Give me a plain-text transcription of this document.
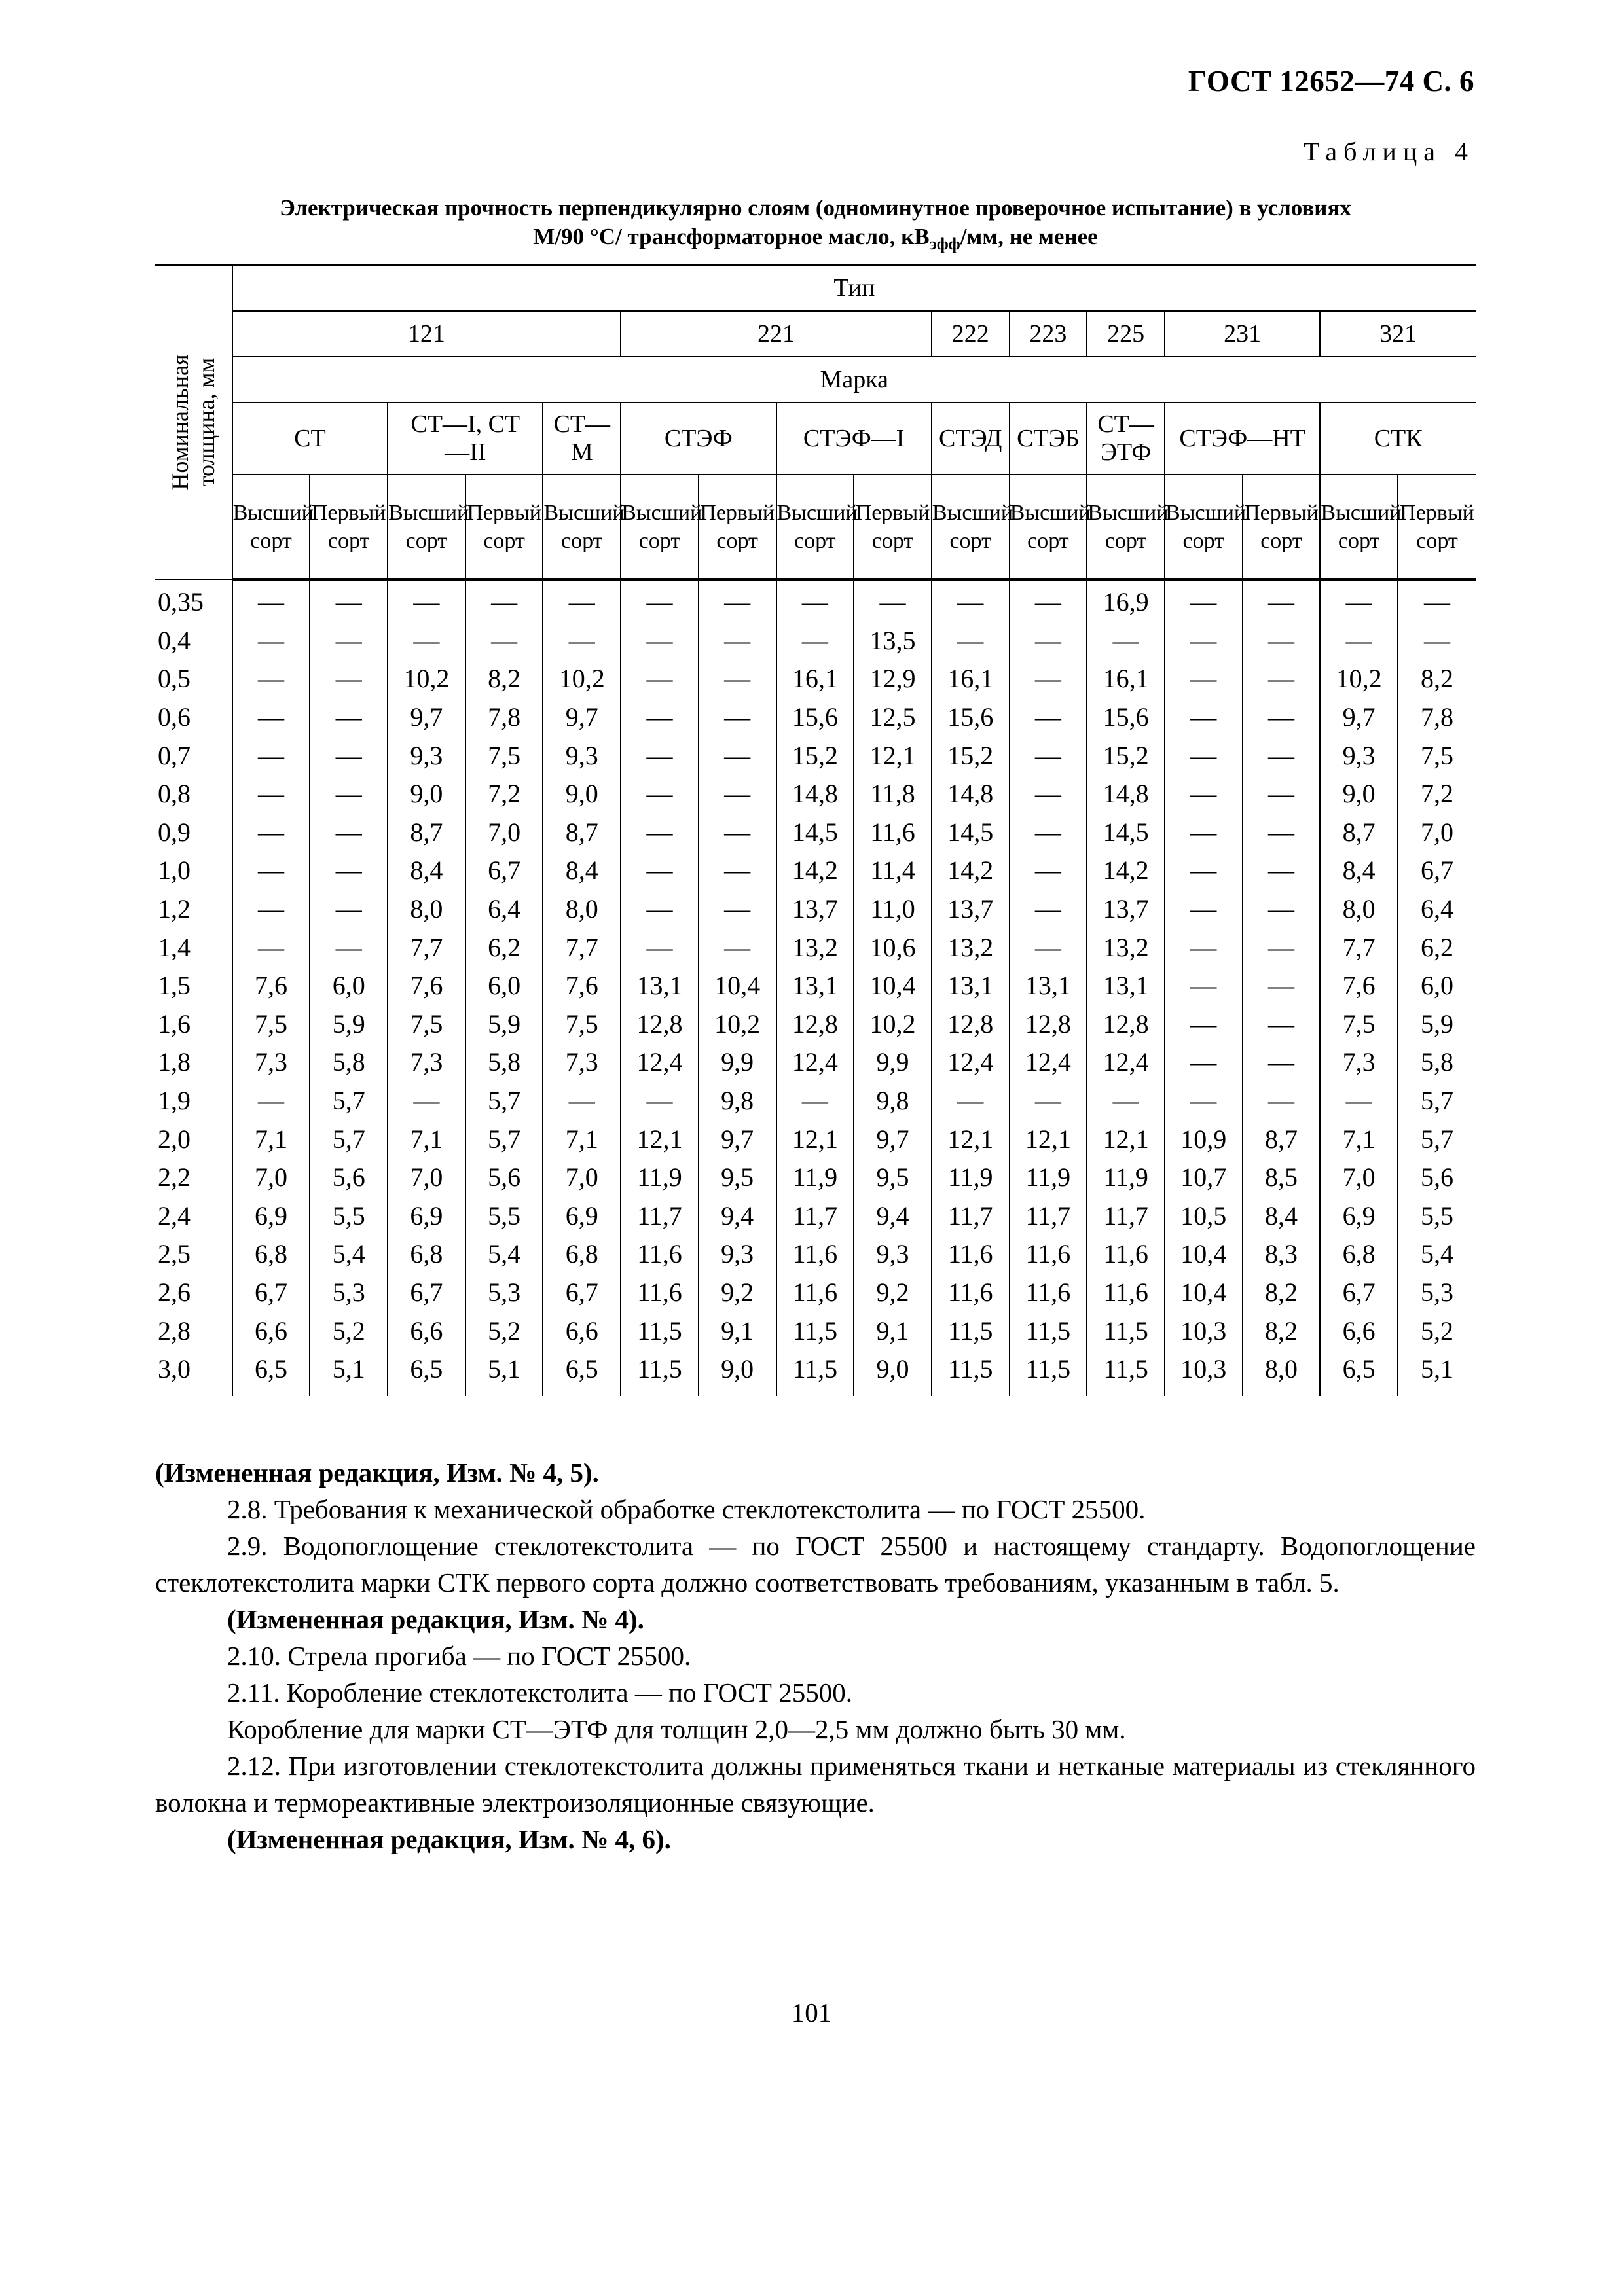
ГОСТ 12652—74 С. 6
Таблица 4
Электрическая прочность перпендикулярно слоям (одноминутное проверочное испытание) в условиях
М/90 °С/ трансформаторное масло, $кВ_{эфф}/мм$, не менее
Номинальная толщина, мм	Тип															
	121					221				222	223	225	231		321	
	Марка															
	СТ		СТ—I, СТ—II		СТ—М	СТЭФ		СТЭФ—I		СТЭД	СТЭБ	СТ—ЭТФ	СТЭФ—НТ		СТК	
	Высший сорт	Первый сорт	Высший сорт	Первый сорт	Высший сорт	Высший сорт	Первый сорт	Высший сорт	Первый сорт	Высший сорт	Высший сорт	Высший сорт	Высший сорт	Первый сорт	Высший сорт	Первый сорт
0,35	—	—	—	—	—	—	—	—	—	—	—	16,9	—	—	—	—
0,4	—	—	—	—	—	—	—	—	13,5	—	—	—	—	—	—	—
0,5	—	—	10,2	8,2	10,2	—	—	16,1	12,9	16,1	—	16,1	—	—	10,2	8,2
0,6	—	—	9,7	7,8	9,7	—	—	15,6	12,5	15,6	—	15,6	—	—	9,7	7,8
0,7	—	—	9,3	7,5	9,3	—	—	15,2	12,1	15,2	—	15,2	—	—	9,3	7,5
0,8	—	—	9,0	7,2	9,0	—	—	14,8	11,8	14,8	—	14,8	—	—	9,0	7,2
0,9	—	—	8,7	7,0	8,7	—	—	14,5	11,6	14,5	—	14,5	—	—	8,7	7,0
1,0	—	—	8,4	6,7	8,4	—	—	14,2	11,4	14,2	—	14,2	—	—	8,4	6,7
1,2	—	—	8,0	6,4	8,0	—	—	13,7	11,0	13,7	—	13,7	—	—	8,0	6,4
1,4	—	—	7,7	6,2	7,7	—	—	13,2	10,6	13,2	—	13,2	—	—	7,7	6,2
1,5	7,6	6,0	7,6	6,0	7,6	13,1	10,4	13,1	10,4	13,1	13,1	13,1	—	—	7,6	6,0
1,6	7,5	5,9	7,5	5,9	7,5	12,8	10,2	12,8	10,2	12,8	12,8	12,8	—	—	7,5	5,9
1,8	7,3	5,8	7,3	5,8	7,3	12,4	9,9	12,4	9,9	12,4	12,4	12,4	—	—	7,3	5,8
1,9	—	5,7	—	5,7	—	—	9,8	—	9,8	—	—	—	—	—	—	5,7
2,0	7,1	5,7	7,1	5,7	7,1	12,1	9,7	12,1	9,7	12,1	12,1	12,1	10,9	8,7	7,1	5,7
2,2	7,0	5,6	7,0	5,6	7,0	11,9	9,5	11,9	9,5	11,9	11,9	11,9	10,7	8,5	7,0	5,6
2,4	6,9	5,5	6,9	5,5	6,9	11,7	9,4	11,7	9,4	11,7	11,7	11,7	10,5	8,4	6,9	5,5
2,5	6,8	5,4	6,8	5,4	6,8	11,6	9,3	11,6	9,3	11,6	11,6	11,6	10,4	8,3	6,8	5,4
2,6	6,7	5,3	6,7	5,3	6,7	11,6	9,2	11,6	9,2	11,6	11,6	11,6	10,4	8,2	6,7	5,3
2,8	6,6	5,2	6,6	5,2	6,6	11,5	9,1	11,5	9,1	11,5	11,5	11,5	10,3	8,2	6,6	5,2
3,0	6,5	5,1	6,5	5,1	6,5	11,5	9,0	11,5	9,0	11,5	11,5	11,5	10,3	8,0	6,5	5,1

(Измененная редакция, Изм. № 4, 5).

2.8. Требования к механической обработке стеклотекстолита — по ГОСТ 25500.

2.9. Водопоглощение стеклотекстолита — по ГОСТ 25500 и настоящему стандарту. Водопоглощение стеклотекстолита марки СТК первого сорта должно соответствовать требованиям, указанным в табл. 5.

(Измененная редакция, Изм. № 4).

2.10. Стрела прогиба — по ГОСТ 25500.

2.11. Коробление стеклотекстолита — по ГОСТ 25500.

Коробление для марки СТ—ЭТФ для толщин 2,0—2,5 мм должно быть 30 мм.

2.12. При изготовлении стеклотекстолита должны применяться ткани и нетканые материалы из стеклянного волокна и термореактивные электроизоляционные связующие.

(Измененная редакция, Изм. № 4, 6).

101
